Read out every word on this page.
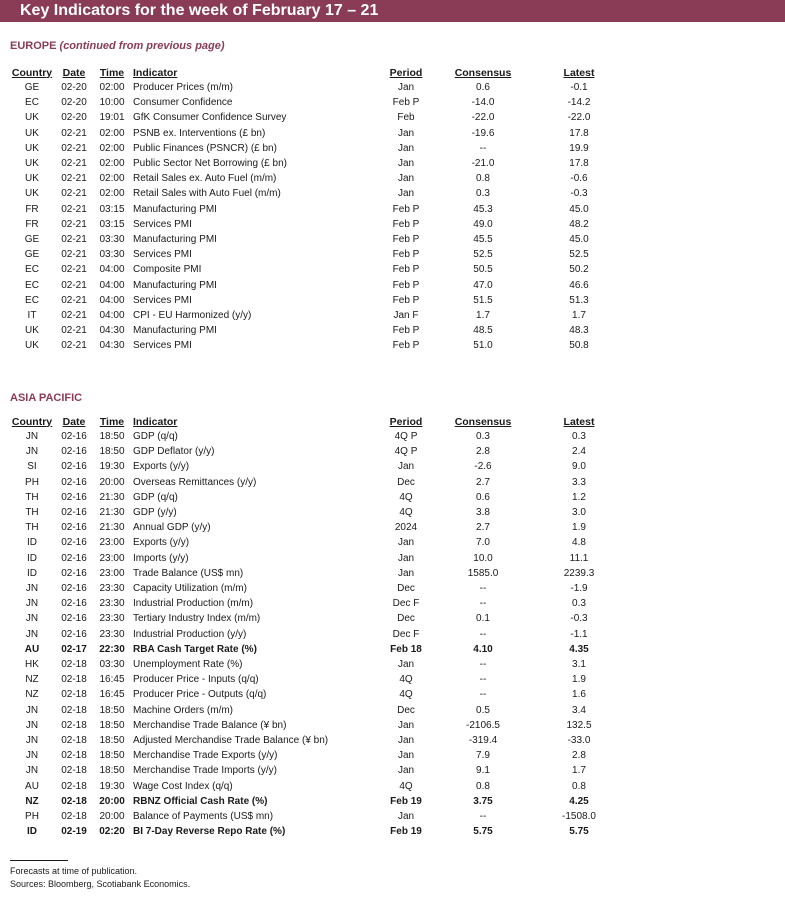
Key Indicators for the week of February 17 – 21
EUROPE (continued from previous page)
Country	Date	Time	Indicator	Period	Consensus	Latest
GE	02-20	02:00	Producer Prices (m/m)	Jan	0.6	-0.1
EC	02-20	10:00	Consumer Confidence	Feb P	-14.0	-14.2
UK	02-20	19:01	GfK Consumer Confidence Survey	Feb	-22.0	-22.0
UK	02-21	02:00	PSNB ex. Interventions (£ bn)	Jan	-19.6	17.8
UK	02-21	02:00	Public Finances (PSNCR) (£ bn)	Jan	--	19.9
UK	02-21	02:00	Public Sector Net Borrowing (£ bn)	Jan	-21.0	17.8
UK	02-21	02:00	Retail Sales ex. Auto Fuel (m/m)	Jan	0.8	-0.6
UK	02-21	02:00	Retail Sales with Auto Fuel (m/m)	Jan	0.3	-0.3
FR	02-21	03:15	Manufacturing PMI	Feb P	45.3	45.0
FR	02-21	03:15	Services PMI	Feb P	49.0	48.2
GE	02-21	03:30	Manufacturing PMI	Feb P	45.5	45.0
GE	02-21	03:30	Services PMI	Feb P	52.5	52.5
EC	02-21	04:00	Composite PMI	Feb P	50.5	50.2
EC	02-21	04:00	Manufacturing PMI	Feb P	47.0	46.6
EC	02-21	04:00	Services PMI	Feb P	51.5	51.3
IT	02-21	04:00	CPI - EU Harmonized (y/y)	Jan F	1.7	1.7
UK	02-21	04:30	Manufacturing PMI	Feb P	48.5	48.3
UK	02-21	04:30	Services PMI	Feb P	51.0	50.8
ASIA PACIFIC
Country	Date	Time	Indicator	Period	Consensus	Latest
JN	02-16	18:50	GDP (q/q)	4Q P	0.3	0.3
JN	02-16	18:50	GDP Deflator (y/y)	4Q P	2.8	2.4
SI	02-16	19:30	Exports (y/y)	Jan	-2.6	9.0
PH	02-16	20:00	Overseas Remittances (y/y)	Dec	2.7	3.3
TH	02-16	21:30	GDP (q/q)	4Q	0.6	1.2
TH	02-16	21:30	GDP (y/y)	4Q	3.8	3.0
TH	02-16	21:30	Annual GDP (y/y)	2024	2.7	1.9
ID	02-16	23:00	Exports (y/y)	Jan	7.0	4.8
ID	02-16	23:00	Imports (y/y)	Jan	10.0	11.1
ID	02-16	23:00	Trade Balance (US$ mn)	Jan	1585.0	2239.3
JN	02-16	23:30	Capacity Utilization (m/m)	Dec	--	-1.9
JN	02-16	23:30	Industrial Production (m/m)	Dec F	--	0.3
JN	02-16	23:30	Tertiary Industry Index (m/m)	Dec	0.1	-0.3
JN	02-16	23:30	Industrial Production (y/y)	Dec F	--	-1.1
AU	02-17	22:30	RBA Cash Target Rate (%)	Feb 18	4.10	4.35
HK	02-18	03:30	Unemployment Rate (%)	Jan	--	3.1
NZ	02-18	16:45	Producer Price - Inputs (q/q)	4Q	--	1.9
NZ	02-18	16:45	Producer Price - Outputs (q/q)	4Q	--	1.6
JN	02-18	18:50	Machine Orders (m/m)	Dec	0.5	3.4
JN	02-18	18:50	Merchandise Trade Balance (¥ bn)	Jan	-2106.5	132.5
JN	02-18	18:50	Adjusted Merchandise Trade Balance (¥ bn)	Jan	-319.4	-33.0
JN	02-18	18:50	Merchandise Trade Exports (y/y)	Jan	7.9	2.8
JN	02-18	18:50	Merchandise Trade Imports (y/y)	Jan	9.1	1.7
AU	02-18	19:30	Wage Cost Index (q/q)	4Q	0.8	0.8
NZ	02-18	20:00	RBNZ Official Cash Rate (%)	Feb 19	3.75	4.25
PH	02-18	20:00	Balance of Payments (US$ mn)	Jan	--	-1508.0
ID	02-19	02:20	BI 7-Day Reverse Repo Rate (%)	Feb 19	5.75	5.75
Forecasts at time of publication.
Sources: Bloomberg, Scotiabank Economics.
